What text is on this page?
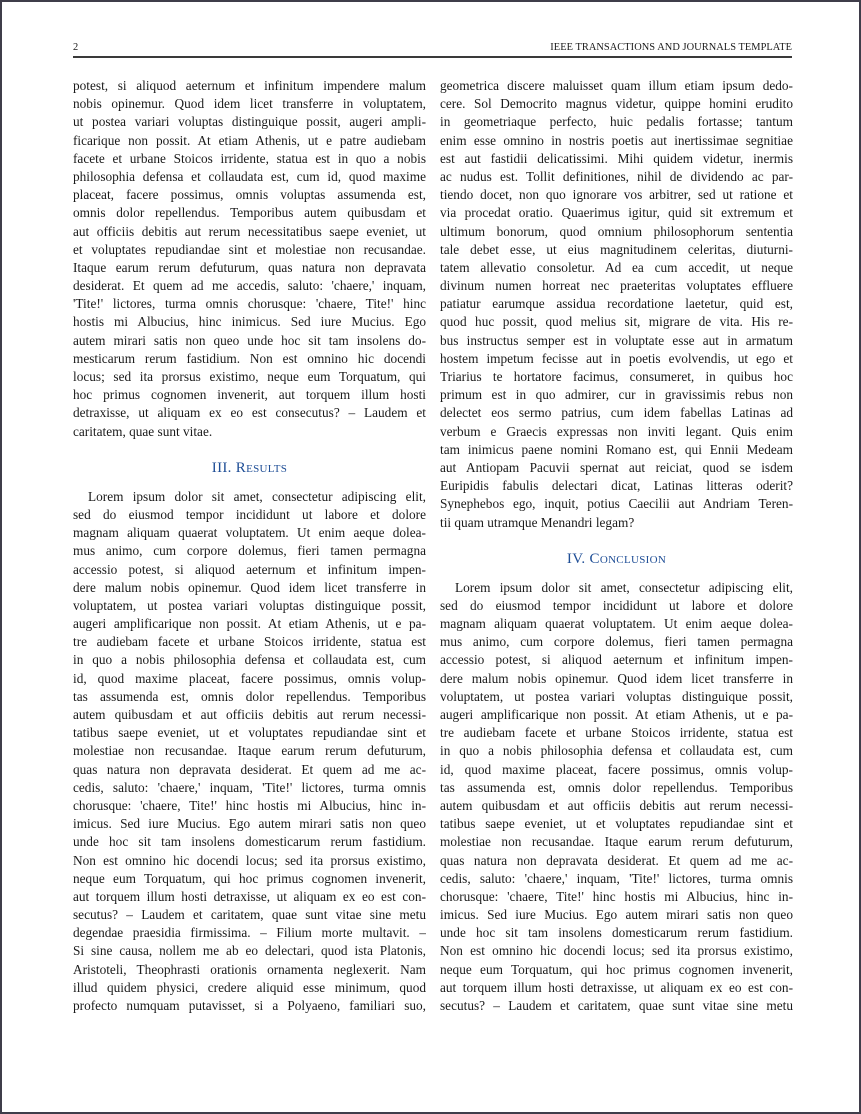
2	IEEE TRANSACTIONS AND JOURNALS TEMPLATE
potest, si aliquod aeternum et infinitum impendere malum
nobis opinemur. Quod idem licet transferre in voluptatem,
ut postea variari voluptas distinguique possit, augeri ampli-
ficarique non possit. At etiam Athenis, ut e patre audiebam
facete et urbane Stoicos irridente, statua est in quo a nobis
philosophia defensa et collaudata est, cum id, quod maxime
placeat, facere possimus, omnis voluptas assumenda est,
omnis dolor repellendus. Temporibus autem quibusdam et
aut officiis debitis aut rerum necessitatibus saepe eveniet, ut
et voluptates repudiandae sint et molestiae non recusandae.
Itaque earum rerum defuturum, quas natura non depravata
desiderat. Et quem ad me accedis, saluto: 'chaere,' inquam,
'Tite!' lictores, turma omnis chorusque: 'chaere, Tite!' hinc
hostis mi Albucius, hinc inimicus. Sed iure Mucius. Ego
autem mirari satis non queo unde hoc sit tam insolens do-
mesticarum rerum fastidium. Non est omnino hic docendi
locus; sed ita prorsus existimo, neque eum Torquatum, qui
hoc primus cognomen invenerit, aut torquem illum hosti
detraxisse, ut aliquam ex eo est consecutus? – Laudem et
caritatem, quae sunt vitae.
III. Results
Lorem ipsum dolor sit amet, consectetur adipiscing elit,
sed do eiusmod tempor incididunt ut labore et dolore
magnam aliquam quaerat voluptatem. Ut enim aeque dolea-
mus animo, cum corpore dolemus, fieri tamen permagna
accessio potest, si aliquod aeternum et infinitum impen-
dere malum nobis opinemur. Quod idem licet transferre in
voluptatem, ut postea variari voluptas distinguique possit,
augeri amplificarique non possit. At etiam Athenis, ut e pa-
tre audiebam facete et urbane Stoicos irridente, statua est
in quo a nobis philosophia defensa et collaudata est, cum
id, quod maxime placeat, facere possimus, omnis volup-
tas assumenda est, omnis dolor repellendus. Temporibus
autem quibusdam et aut officiis debitis aut rerum necessi-
tatibus saepe eveniet, ut et voluptates repudiandae sint et
molestiae non recusandae. Itaque earum rerum defuturum,
quas natura non depravata desiderat. Et quem ad me ac-
cedis, saluto: 'chaere,' inquam, 'Tite!' lictores, turma omnis
chorusque: 'chaere, Tite!' hinc hostis mi Albucius, hinc in-
imicus. Sed iure Mucius. Ego autem mirari satis non queo
unde hoc sit tam insolens domesticarum rerum fastidium.
Non est omnino hic docendi locus; sed ita prorsus existimo,
neque eum Torquatum, qui hoc primus cognomen invenerit,
aut torquem illum hosti detraxisse, ut aliquam ex eo est con-
secutus? – Laudem et caritatem, quae sunt vitae sine metu
degendae praesidia firmissima. – Filium morte multavit. –
Si sine causa, nollem me ab eo delectari, quod ista Platonis,
Aristoteli, Theophrasti orationis ornamenta neglexerit. Nam
illud quidem physici, credere aliquid esse minimum, quod
profecto numquam putavisset, si a Polyaeno, familiari suo,
geometrica discere maluisset quam illum etiam ipsum dedo-
cere. Sol Democrito magnus videtur, quippe homini erudito
in geometriaque perfecto, huic pedalis fortasse; tantum
enim esse omnino in nostris poetis aut inertissimae segnitiae
est aut fastidii delicatissimi. Mihi quidem videtur, inermis
ac nudus est. Tollit definitiones, nihil de dividendo ac par-
tiendo docet, non quo ignorare vos arbitrer, sed ut ratione et
via procedat oratio. Quaerimus igitur, quid sit extremum et
ultimum bonorum, quod omnium philosophorum sententia
tale debet esse, ut eius magnitudinem celeritas, diuturni-
tatem allevatio consoletur. Ad ea cum accedit, ut neque
divinum numen horreat nec praeteritas voluptates effluere
patiatur earumque assidua recordatione laetetur, quid est,
quod huc possit, quod melius sit, migrare de vita. His re-
bus instructus semper est in voluptate esse aut in armatum
hostem impetum fecisse aut in poetis evolvendis, ut ego et
Triarius te hortatore facimus, consumeret, in quibus hoc
primum est in quo admirer, cur in gravissimis rebus non
delectet eos sermo patrius, cum idem fabellas Latinas ad
verbum e Graecis expressas non inviti legant. Quis enim
tam inimicus paene nomini Romano est, qui Ennii Medeam
aut Antiopam Pacuvii spernat aut reiciat, quod se isdem
Euripidis fabulis delectari dicat, Latinas litteras oderit?
Synephebos ego, inquit, potius Caecilii aut Andriam Teren-
tii quam utramque Menandri legam?
IV. Conclusion
Lorem ipsum dolor sit amet, consectetur adipiscing elit,
sed do eiusmod tempor incididunt ut labore et dolore
magnam aliquam quaerat voluptatem. Ut enim aeque dolea-
mus animo, cum corpore dolemus, fieri tamen permagna
accessio potest, si aliquod aeternum et infinitum impen-
dere malum nobis opinemur. Quod idem licet transferre in
voluptatem, ut postea variari voluptas distinguique possit,
augeri amplificarique non possit. At etiam Athenis, ut e pa-
tre audiebam facete et urbane Stoicos irridente, statua est
in quo a nobis philosophia defensa et collaudata est, cum
id, quod maxime placeat, facere possimus, omnis volup-
tas assumenda est, omnis dolor repellendus. Temporibus
autem quibusdam et aut officiis debitis aut rerum necessi-
tatibus saepe eveniet, ut et voluptates repudiandae sint et
molestiae non recusandae. Itaque earum rerum defuturum,
quas natura non depravata desiderat. Et quem ad me ac-
cedis, saluto: 'chaere,' inquam, 'Tite!' lictores, turma omnis
chorusque: 'chaere, Tite!' hinc hostis mi Albucius, hinc in-
imicus. Sed iure Mucius. Ego autem mirari satis non queo
unde hoc sit tam insolens domesticarum rerum fastidium.
Non est omnino hic docendi locus; sed ita prorsus existimo,
neque eum Torquatum, qui hoc primus cognomen invenerit,
aut torquem illum hosti detraxisse, ut aliquam ex eo est con-
secutus? – Laudem et caritatem, quae sunt vitae sine metu
